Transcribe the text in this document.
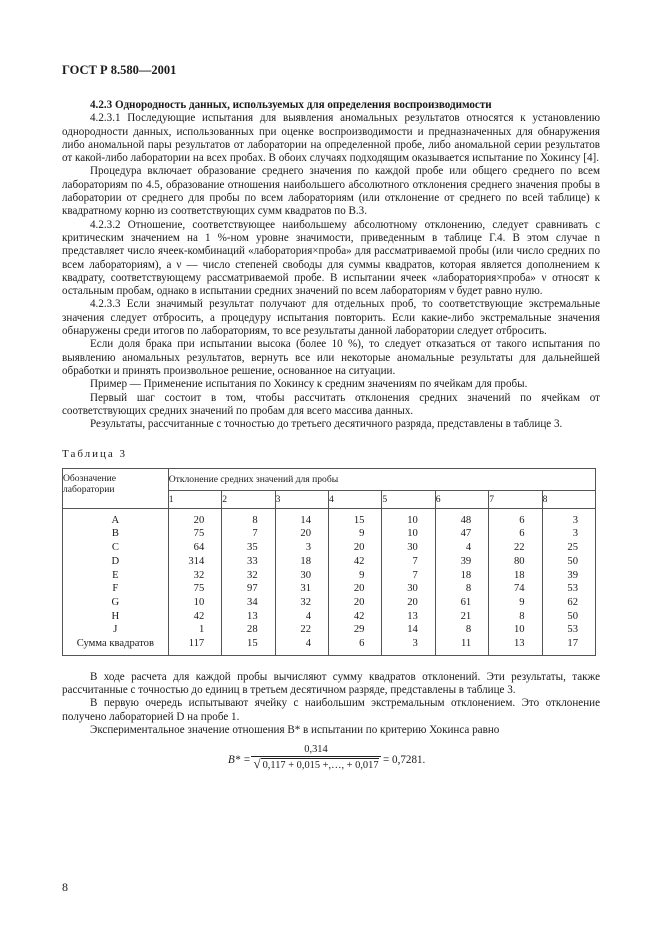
ГОСТ Р 8.580—2001

4.2.3 Однородность данных, используемых для определения воспроизводимости

4.2.3.1 Последующие испытания для выявления аномальных результатов относятся к установлению однородности данных, использованных при оценке воспроизводимости и предназначенных для обнаружения либо аномальной пары результатов от лаборатории на определенной пробе, либо аномальной серии результатов от какой-либо лаборатории на всех пробах. В обоих случаях подходящим оказывается испытание по Хокинсу [4].

Процедура включает образование среднего значения по каждой пробе или общего среднего по всем лабораториям по 4.5, образование отношения наибольшего абсолютного отклонения среднего значения пробы в лаборатории от среднего для пробы по всем лабораториям (или отклонение от среднего по всей таблице) к квадратному корню из соответствующих сумм квадратов по В.3.

4.2.3.2 Отношение, соответствующее наибольшему абсолютному отклонению, следует сравнивать с критическим значением на 1 %-ном уровне значимости, приведенным в таблице Г.4. В этом случае n представляет число ячеек-комбинаций «лаборатория×проба» для рассматриваемой пробы (или число средних по всем лабораториям), а ν — число степеней свободы для суммы квадратов, которая является дополнением к квадрату, соответствующему рассматриваемой пробе. В испытании ячеек «лаборатория×проба» ν относят к остальным пробам, однако в испытании средних значений по всем лабораториям ν будет равно нулю.

4.2.3.3 Если значимый результат получают для отдельных проб, то соответствующие экстремальные значения следует отбросить, а процедуру испытания повторить. Если какие-либо экстремальные значения обнаружены среди итогов по лабораториям, то все результаты данной лаборатории следует отбросить.

Если доля брака при испытании высока (более 10 %), то следует отказаться от такого испытания по выявлению аномальных результатов, вернуть все или некоторые аномальные результаты для дальнейшей обработки и принять произвольное решение, основанное на ситуации.

Пример — Применение испытания по Хокинсу к средним значениям по ячейкам для пробы.

Первый шаг состоит в том, чтобы рассчитать отклонения средних значений по ячейкам от соответствующих средних значений по пробам для всего массива данных.

Результаты, рассчитанные с точностью до третьего десятичного разряда, представлены в таблице 3.

Таблица 3
Обозначение лаборатории	Отклонение средних значений для пробы							
	1	2	3	4	5	6	7	8
A	20	8	14	15	10	48	6	3
B	75	7	20	9	10	47	6	3
C	64	35	3	20	30	4	22	25
D	314	33	18	42	7	39	80	50
E	32	32	30	9	7	18	18	39
F	75	97	31	20	30	8	74	53
G	10	34	32	20	20	61	9	62
H	42	13	4	42	13	21	8	50
J	1	28	22	29	14	8	10	53
Сумма квадратов	117	15	4	6	3	11	13	17

В ходе расчета для каждой пробы вычисляют сумму квадратов отклонений. Эти результаты, также рассчитанные с точностью до единиц в третьем десятичном разряде, представлены в таблице 3.

В первую очередь испытывают ячейку с наибольшим экстремальным отклонением. Это отклонение получено лабораторией D на пробе 1.

Экспериментальное значение отношения B* в испытании по критерию Хокинса равно

B* =
0,314
√ 0,117 + 0,015 +,…, + 0,017 = 0,7281.
8
